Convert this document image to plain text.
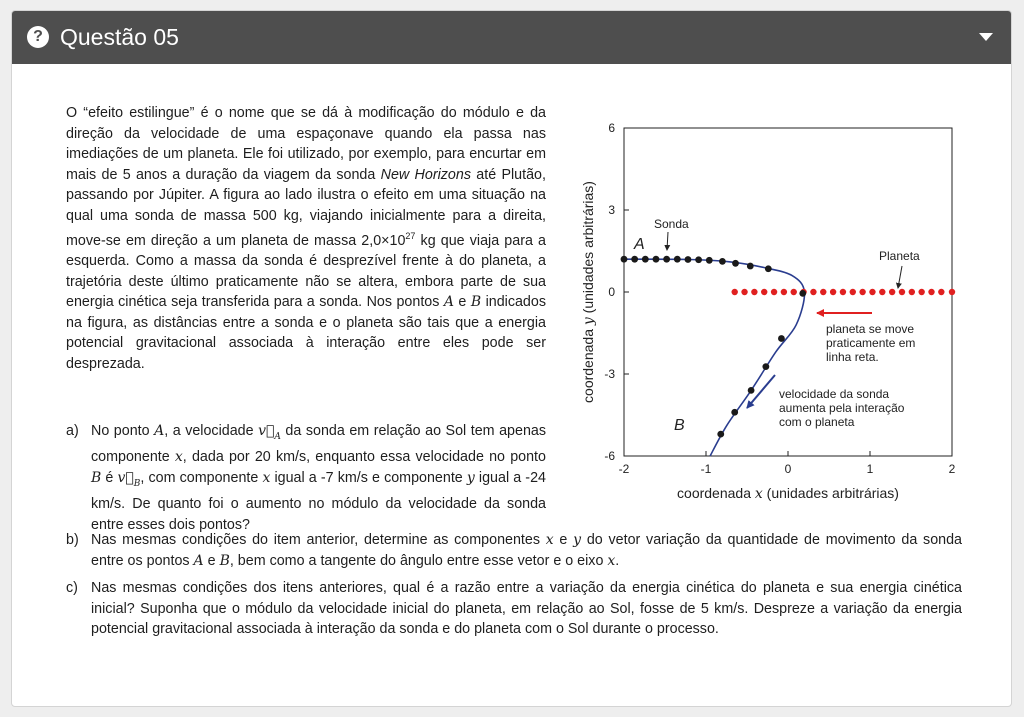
? Questão 05
O “efeito estilingue” é o nome que se dá à modificação do módulo e da direção da velocidade de uma espaçonave quando ela passa nas imediações de um planeta. Ele foi utilizado, por exemplo, para encurtar em mais de 5 anos a duração da viagem da sonda New Horizons até Plutão, passando por Júpiter. A figura ao lado ilustra o efeito em uma situação na qual uma sonda de massa 500 kg, viajando inicialmente para a direita, move-se em direção a um planeta de massa $2,0\times 10^{27}$ kg que viaja para a esquerda. Como a massa da sonda é desprezível frente à do planeta, a trajetória deste último praticamente não se altera, embora parte de sua energia cinética seja transferida para a sonda. Nos pontos A e B indicados na figura, as distâncias entre a sonda e o planeta são tais que a energia potencial gravitacional associada à interação entre eles pode ser desprezada.
a) No ponto A, a velocidade $v⃗_A$ da sonda em relação ao Sol tem apenas componente x, dada por 20 km/s, enquanto essa velocidade no ponto B é $v⃗_B$, com componente x igual a -7 km/s e componente y igual a -24 km/s. De quanto foi o aumento no módulo da velocidade da sonda entre esses dois pontos?
b) Nas mesmas condições do item anterior, determine as componentes x e y do vetor variação da quantidade de movimento da sonda entre os pontos A e B, bem como a tangente do ângulo entre esse vetor e o eixo x.
c) Nas mesmas condições dos itens anteriores, qual é a razão entre a variação da energia cinética do planeta e sua energia cinética inicial? Suponha que o módulo da velocidade inicial do planeta, em relação ao Sol, fosse de 5 km/s. Despreze a variação da energia potencial gravitacional associada à interação da sonda e do planeta com o Sol durante o processo.
-2	-1	0	1	2
-6
-3
0
3
6
A
B
Sonda
Planeta
planeta se move praticamente em linha reta.
velocidade da sonda aumenta pela interação com o planeta
coordenada x (unidades arbitrárias)
coordenada y (unidades arbitrárias)
